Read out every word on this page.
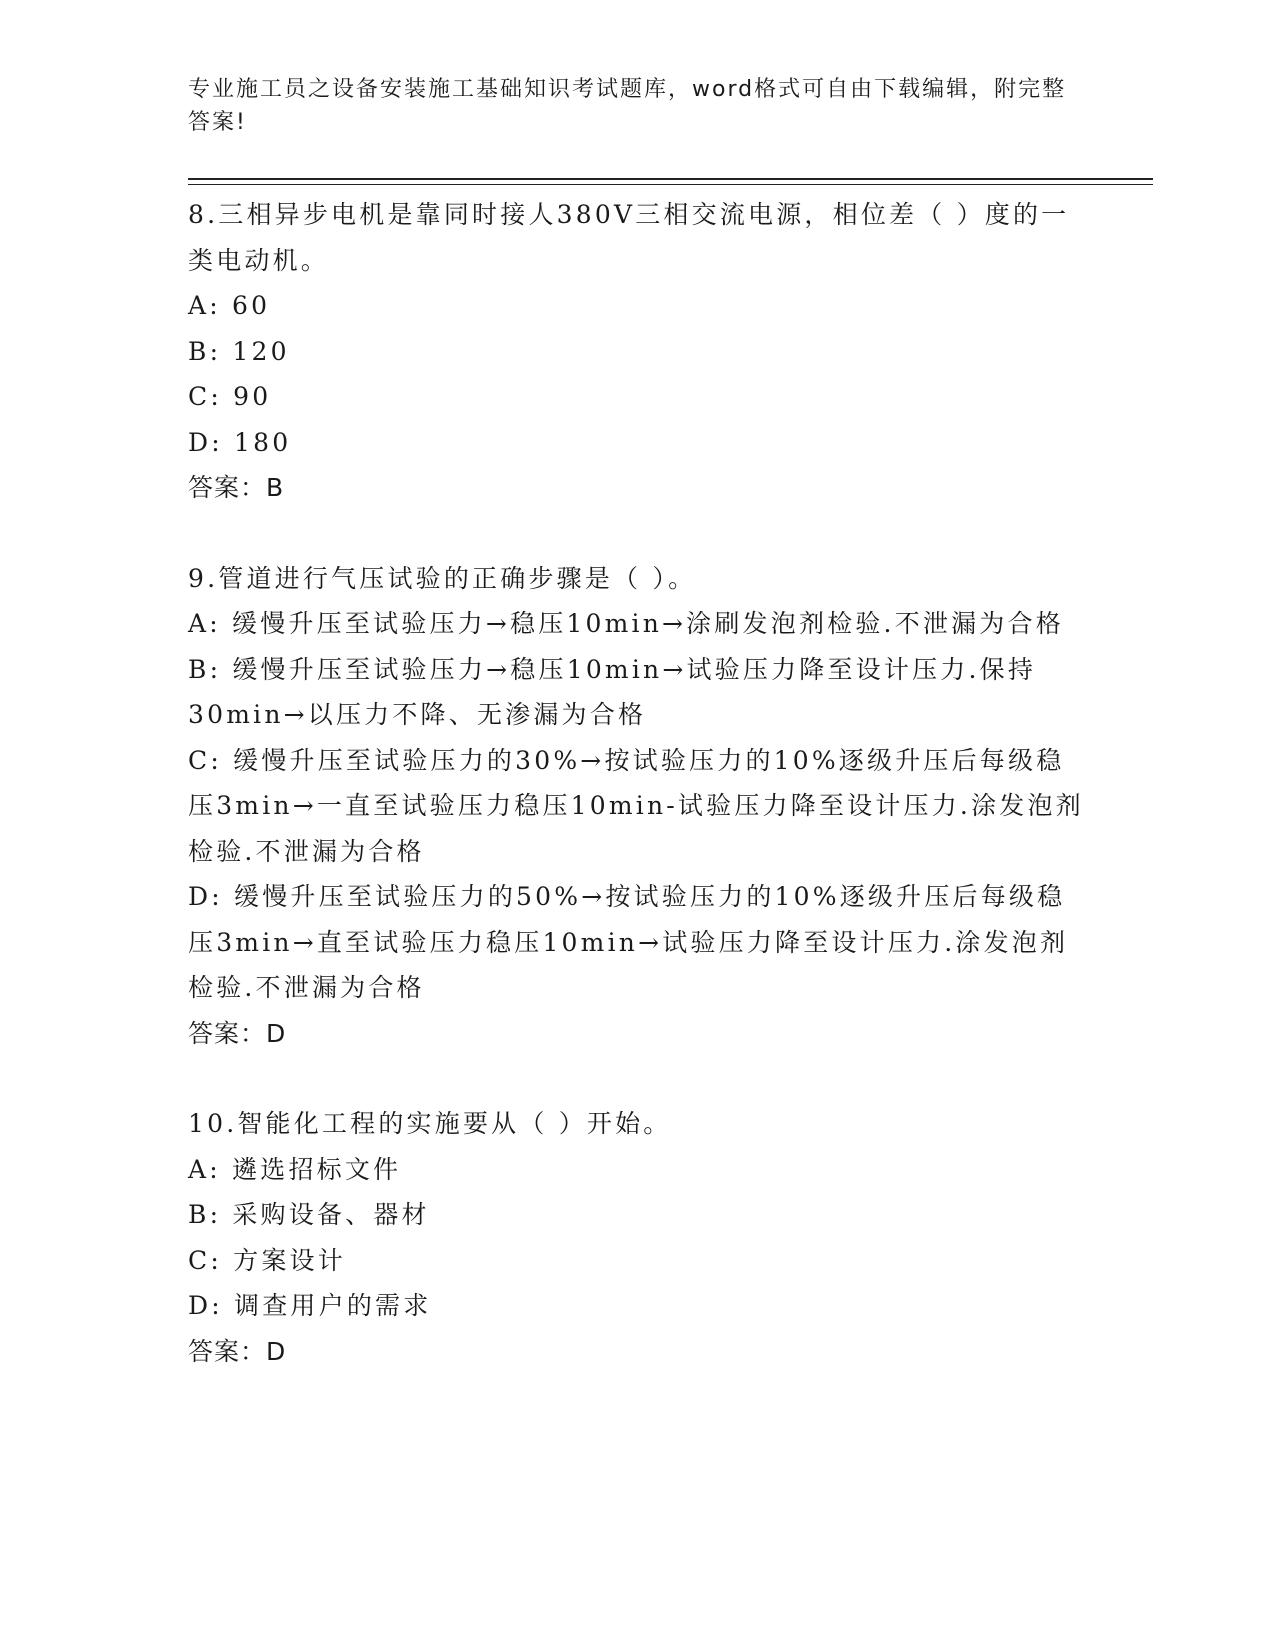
专业施工员之设备安装施工基础知识考试题库，word格式可自由下载编辑，附完整答案!

8.三相异步电机是靠同时接人380V三相交流电源，相位差（ ）度的一类电动机。

A: 60

B: 120

C: 90

D: 180

答案：B

9.管道进行气压试验的正确步骤是（ ）。

A: 缓慢升压至试验压力→稳压10min→涂刷发泡剂检验.不泄漏为合格

B: 缓慢升压至试验压力→稳压10min→试验压力降至设计压力.保持30min→以压力不降、无渗漏为合格

C: 缓慢升压至试验压力的30%→按试验压力的10%逐级升压后每级稳压3min→一直至试验压力稳压10min-试验压力降至设计压力.涂发泡剂检验.不泄漏为合格

D: 缓慢升压至试验压力的50%→按试验压力的10%逐级升压后每级稳压3min→直至试验压力稳压10min→试验压力降至设计压力.涂发泡剂检验.不泄漏为合格

答案：D

10.智能化工程的实施要从（ ）开始。

A: 遴选招标文件

B: 采购设备、器材

C: 方案设计

D: 调查用户的需求

答案：D
